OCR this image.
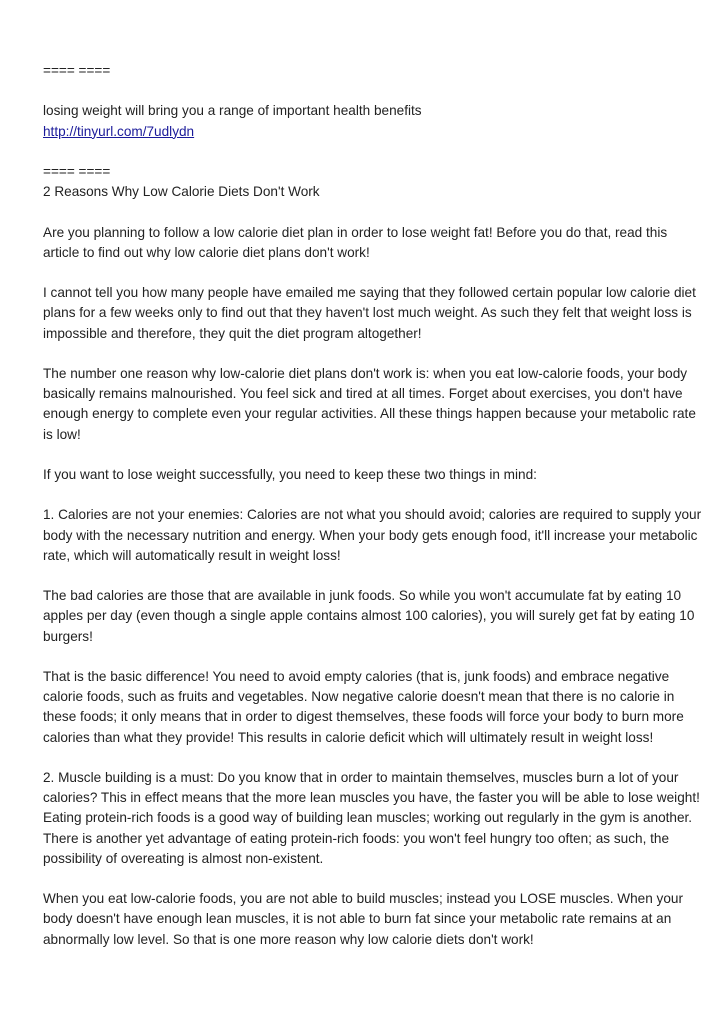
==== ====

losing weight will bring you a range of important health benefits

http://tinyurl.com/7udlydn

==== ====

2 Reasons Why Low Calorie Diets Don't Work

Are you planning to follow a low calorie diet plan in order to lose weight fat! Before you do that, read this article to find out why low calorie diet plans don't work!

I cannot tell you how many people have emailed me saying that they followed certain popular low calorie diet plans for a few weeks only to find out that they haven't lost much weight. As such they felt that weight loss is impossible and therefore, they quit the diet program altogether!

The number one reason why low-calorie diet plans don't work is: when you eat low-calorie foods, your body basically remains malnourished. You feel sick and tired at all times. Forget about exercises, you don't have enough energy to complete even your regular activities. All these things happen because your metabolic rate is low!

If you want to lose weight successfully, you need to keep these two things in mind:

1. Calories are not your enemies: Calories are not what you should avoid; calories are required to supply your body with the necessary nutrition and energy. When your body gets enough food, it'll increase your metabolic rate, which will automatically result in weight loss!

The bad calories are those that are available in junk foods. So while you won't accumulate fat by eating 10 apples per day (even though a single apple contains almost 100 calories), you will surely get fat by eating 10 burgers!

That is the basic difference! You need to avoid empty calories (that is, junk foods) and embrace negative calorie foods, such as fruits and vegetables. Now negative calorie doesn't mean that there is no calorie in these foods; it only means that in order to digest themselves, these foods will force your body to burn more calories than what they provide! This results in calorie deficit which will ultimately result in weight loss!

2. Muscle building is a must: Do you know that in order to maintain themselves, muscles burn a lot of your calories? This in effect means that the more lean muscles you have, the faster you will be able to lose weight! Eating protein-rich foods is a good way of building lean muscles; working out regularly in the gym is another. There is another yet advantage of eating protein-rich foods: you won't feel hungry too often; as such, the possibility of overeating is almost non-existent.

When you eat low-calorie foods, you are not able to build muscles; instead you LOSE muscles. When your body doesn't have enough lean muscles, it is not able to burn fat since your metabolic rate remains at an abnormally low level. So that is one more reason why low calorie diets don't work!
